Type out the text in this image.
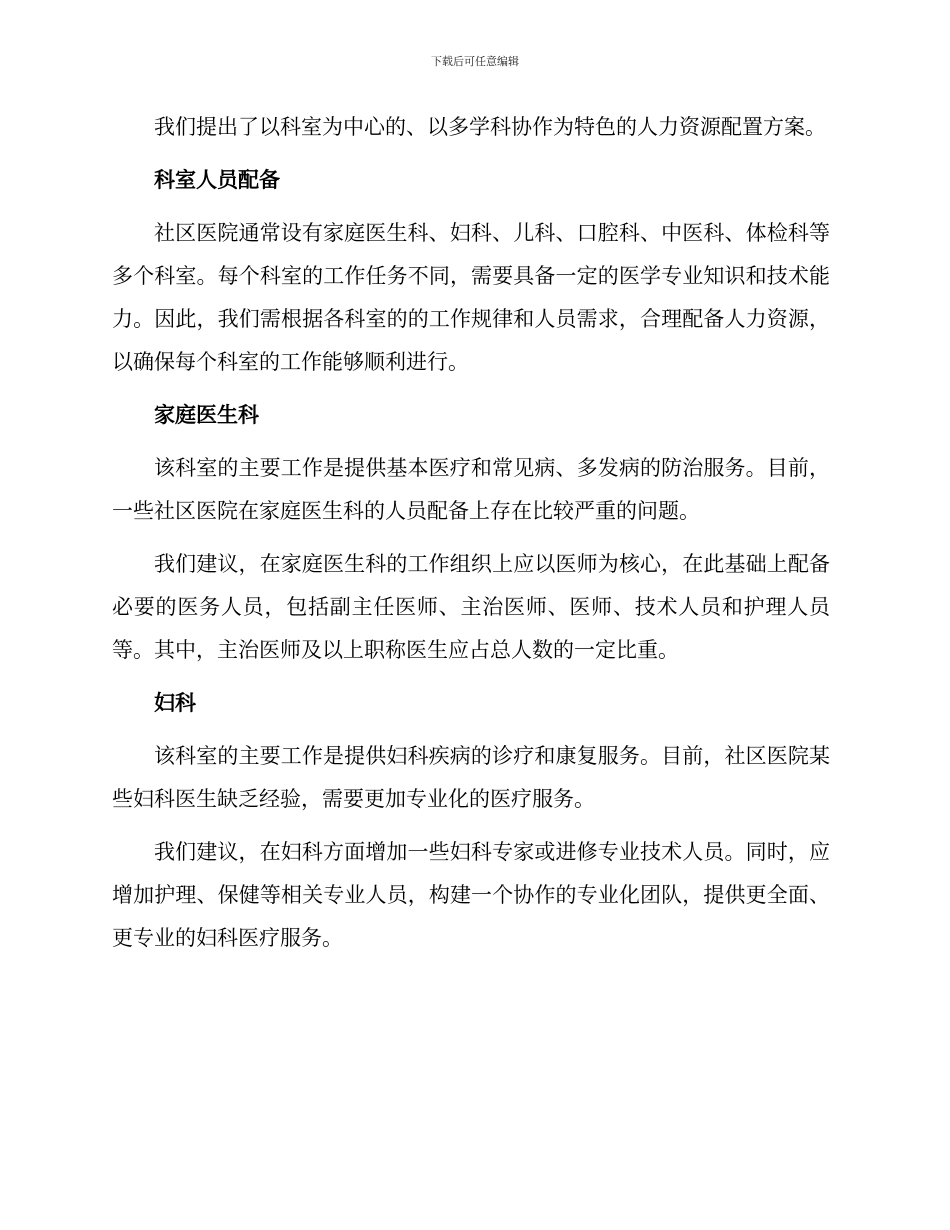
下载后可任意编辑

我们提出了以科室为中心的、以多学科协作为特色的人力资源配置方案。

科室人员配备

社区医院通常设有家庭医生科、妇科、儿科、口腔科、中医科、体检科等多个科室。每个科室的工作任务不同，需要具备一定的医学专业知识和技术能力。因此，我们需根据各科室的的工作规律和人员需求，合理配备人力资源，以确保每个科室的工作能够顺利进行。

家庭医生科

该科室的主要工作是提供基本医疗和常见病、多发病的防治服务。目前，一些社区医院在家庭医生科的人员配备上存在比较严重的问题。

我们建议，在家庭医生科的工作组织上应以医师为核心，在此基础上配备必要的医务人员，包括副主任医师、主治医师、医师、技术人员和护理人员等。其中，主治医师及以上职称医生应占总人数的一定比重。

妇科

该科室的主要工作是提供妇科疾病的诊疗和康复服务。目前，社区医院某些妇科医生缺乏经验，需要更加专业化的医疗服务。

我们建议，在妇科方面增加一些妇科专家或进修专业技术人员。同时，应增加护理、保健等相关专业人员，构建一个协作的专业化团队，提供更全面、更专业的妇科医疗服务。
